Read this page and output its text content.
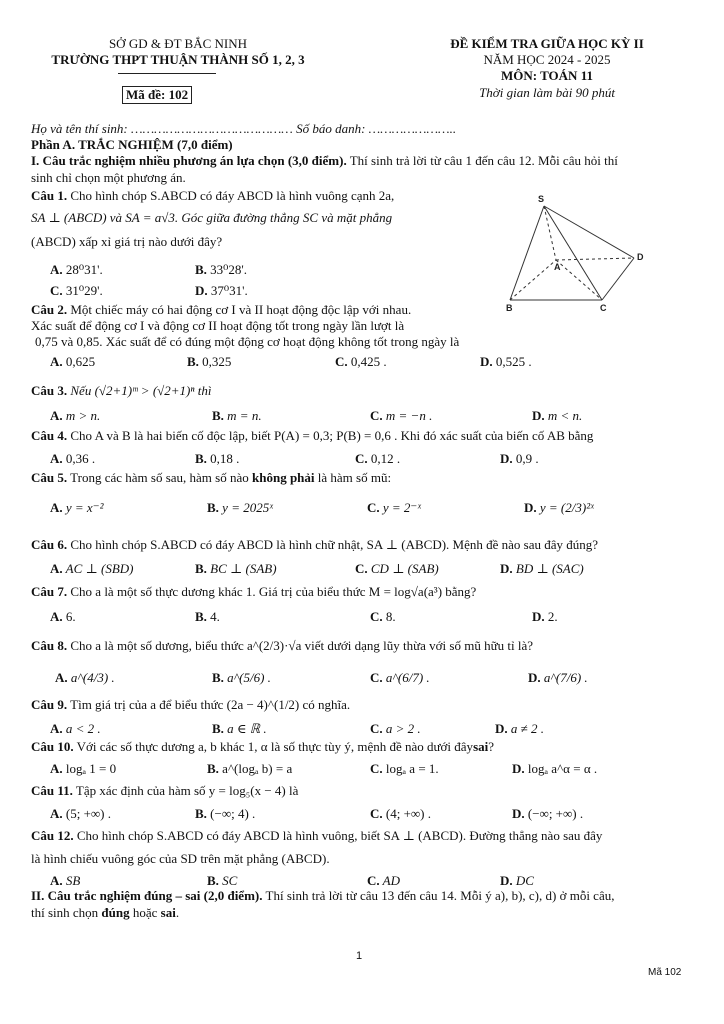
SỞ GD & ĐT BẮC NINH
TRƯỜNG THPT THUẬN THÀNH SỐ 1, 2, 3
Mã đề: 102
ĐỀ KIỂM TRA GIỮA HỌC KỲ II
NĂM HỌC 2024 - 2025
MÔN: TOÁN 11
Thời gian làm bài 90 phút
Họ và tên thí sinh: …………………………………… Số báo danh: …………………..
Phần A. TRẮC NGHIỆM (7,0 điểm)
I. Câu trắc nghiệm nhiều phương án lựa chọn (3,0 điểm). Thí sinh trả lời từ câu 1 đến câu 12. Mỗi câu hỏi thí
sinh chỉ chọn một phương án.
Câu 1. Cho hình chóp S.ABCD có đáy ABCD là hình vuông cạnh 2a,
SA ⊥ (ABCD) và SA = a√3. Góc giữa đường thẳng SC và mặt phẳng
(ABCD) xấp xỉ giá trị nào dưới đây?
A. 28⁰31'.	B. 33⁰28'.
C. 31⁰29'.	D. 37⁰31'.
S
A
B	C
D
Câu 2. Một chiếc máy có hai động cơ I và II hoạt động độc lập với nhau.
Xác suất để động cơ I và động cơ II hoạt động tốt trong ngày lần lượt là
0,75 và 0,85. Xác suất để có đúng một động cơ hoạt động không tốt trong ngày là
A. 0,625	B. 0,325	C. 0,425 .	D. 0,525 .
Câu 3. Nếu (√2+1)ᵐ > (√2+1)ⁿ thì
A. m > n.	B. m = n.	C. m = −n .	D. m < n.
Câu 4. Cho A và B là hai biến cố độc lập, biết P(A) = 0,3; P(B) = 0,6 . Khi đó xác suất của biến cố AB bằng
A. 0,36 .	B. 0,18 .	C. 0,12 .	D. 0,9 .
Câu 5. Trong các hàm số sau, hàm số nào không phải là hàm số mũ:
A. y = x⁻²	B. y = 2025ˣ	C. y = 2⁻ˣ	D. y = (2/3)²ˣ
Câu 6. Cho hình chóp S.ABCD có đáy ABCD là hình chữ nhật, SA ⊥ (ABCD). Mệnh đề nào sau đây đúng?
A. AC ⊥ (SBD)	B. BC ⊥ (SAB)	C. CD ⊥ (SAB)	D. BD ⊥ (SAC)
Câu 7. Cho a là một số thực dương khác 1. Giá trị của biểu thức M = log√a(a³) bằng?
A. 6.	B. 4.	C. 8.	D. 2.
Câu 8. Cho a là một số dương, biểu thức a^(2/3)·√a viết dưới dạng lũy thừa với số mũ hữu tỉ là?
A. a^(4/3) .	B. a^(5/6) .	C. a^(6/7) .	D. a^(7/6) .
Câu 9. Tìm giá trị của a để biểu thức (2a − 4)^(1/2) có nghĩa.
A. a < 2 .	B. a ∈ ℝ .	C. a > 2 .	D. a ≠ 2 .
Câu 10. Với các số thực dương a, b khác 1, α là số thực tùy ý, mệnh đề nào dưới đâysai?
A. logₐ 1 = 0	B. a^(logₐ b) = a	C. logₐ a = 1.	D. logₐ a^α = α .
Câu 11. Tập xác định của hàm số y = log₅(x − 4) là
A. (5; +∞) .	B. (−∞; 4) .	C. (4; +∞) .	D. (−∞; +∞) .
Câu 12. Cho hình chóp S.ABCD có đáy ABCD là hình vuông, biết SA ⊥ (ABCD). Đường thẳng nào sau đây
là hình chiếu vuông góc của SD trên mặt phẳng (ABCD).
A. SB	B. SC	C. AD	D. DC
II. Câu trắc nghiệm đúng – sai (2,0 điểm). Thí sinh trả lời từ câu 13 đến câu 14. Mỗi ý a), b), c), d) ở mỗi câu,
thí sinh chọn đúng hoặc sai.
1
Mã 102
